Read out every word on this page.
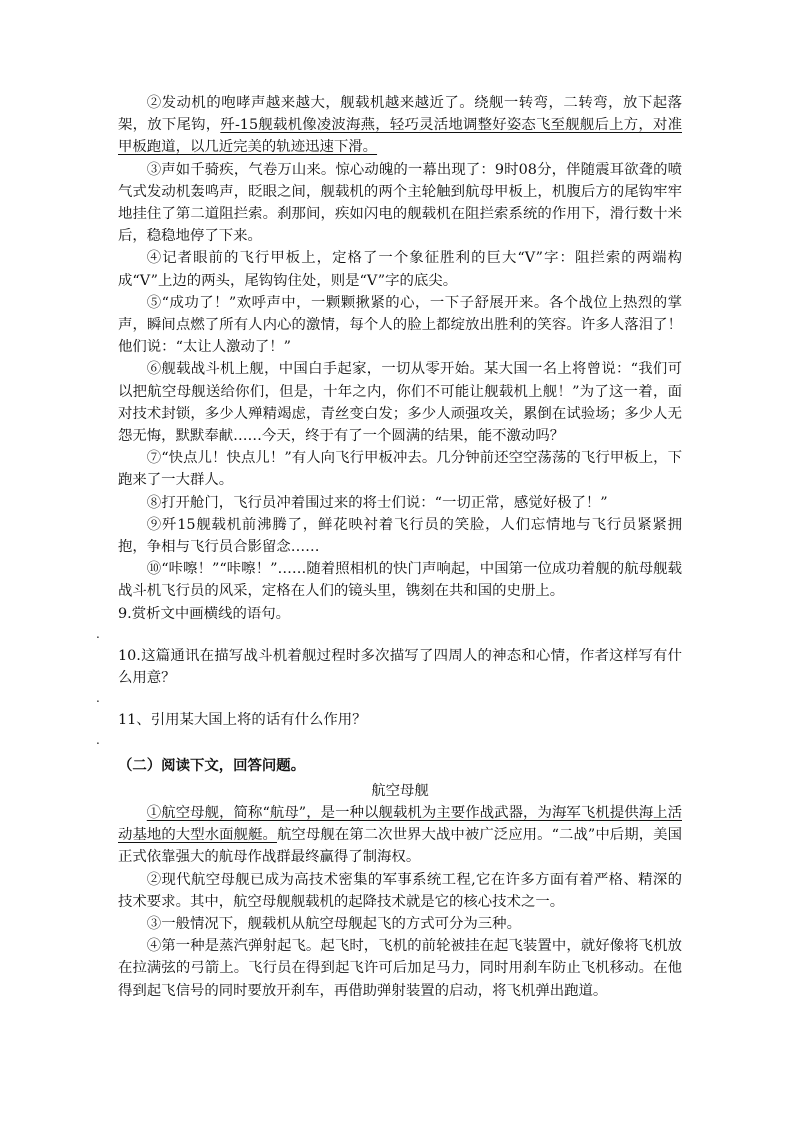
②发动机的咆哮声越来越大，舰载机越来越近了。绕舰一转弯，二转弯，放下起落架，放下尾钩，歼-15舰载机像凌波海燕，轻巧灵活地调整好姿态飞至舰舰后上方，对准甲板跑道，以几近完美的轨迹迅速下滑。

③声如千骑疾，气卷万山来。惊心动魄的一幕出现了：9时08分，伴随震耳欲聋的喷气式发动机轰鸣声，眨眼之间，舰载机的两个主轮触到航母甲板上，机腹后方的尾钩牢牢地挂住了第二道阻拦索。刹那间，疾如闪电的舰载机在阻拦索系统的作用下，滑行数十米后，稳稳地停了下来。

④记者眼前的飞行甲板上，定格了一个象征胜利的巨大“V”字：阻拦索的两端构成“V”上边的两头，尾钩钩住处，则是“V”字的底尖。

⑤“成功了！”欢呼声中，一颗颗揪紧的心，一下子舒展开来。各个战位上热烈的掌声，瞬间点燃了所有人内心的激情，每个人的脸上都绽放出胜利的笑容。许多人落泪了！他们说：“太让人激动了！”

⑥舰载战斗机上舰，中国白手起家，一切从零开始。某大国一名上将曾说：“我们可以把航空母舰送给你们，但是，十年之内，你们不可能让舰载机上舰！”为了这一着，面对技术封锁，多少人殚精竭虑，青丝变白发；多少人顽强攻关，累倒在试验场；多少人无怨无悔，默默奉献……今天，终于有了一个圆满的结果，能不激动吗？

⑦“快点儿！快点儿！”有人向飞行甲板冲去。几分钟前还空空荡荡的飞行甲板上，下跑来了一大群人。

⑧打开舱门，飞行员冲着围过来的将士们说：“一切正常，感觉好极了！”

⑨歼15舰载机前沸腾了，鲜花映衬着飞行员的笑脸，人们忘情地与飞行员紧紧拥抱，争相与飞行员合影留念……

⑩“咔嚓！”“咔嚓！”……随着照相机的快门声响起，中国第一位成功着舰的航母舰载战斗机飞行员的风采，定格在人们的镜头里，镌刻在共和国的史册上。

9.赏析文中画横线的语句。

.

10.这篇通讯在描写战斗机着舰过程时多次描写了四周人的神态和心情，作者这样写有什么用意？

.

11、引用某大国上将的话有什么作用？

.

（二）阅读下文，回答问题。

航空母舰

①航空母舰，简称“航母”，是一种以舰载机为主要作战武器，为海军飞机提供海上活动基地的大型水面舰艇。航空母舰在第二次世界大战中被广泛应用。“二战”中后期，美国正式依靠强大的航母作战群最终赢得了制海权。

②现代航空母舰已成为高技术密集的军事系统工程,它在许多方面有着严格、精深的技术要求。其中，航空母舰舰载机的起降技术就是它的核心技术之一。

③一般情况下，舰载机从航空母舰起飞的方式可分为三种。

④第一种是蒸汽弹射起飞。起飞时，飞机的前轮被挂在起飞装置中，就好像将飞机放在拉满弦的弓箭上。飞行员在得到起飞许可后加足马力，同时用刹车防止飞机移动。在他得到起飞信号的同时要放开刹车，再借助弹射装置的启动，将飞机弹出跑道。
